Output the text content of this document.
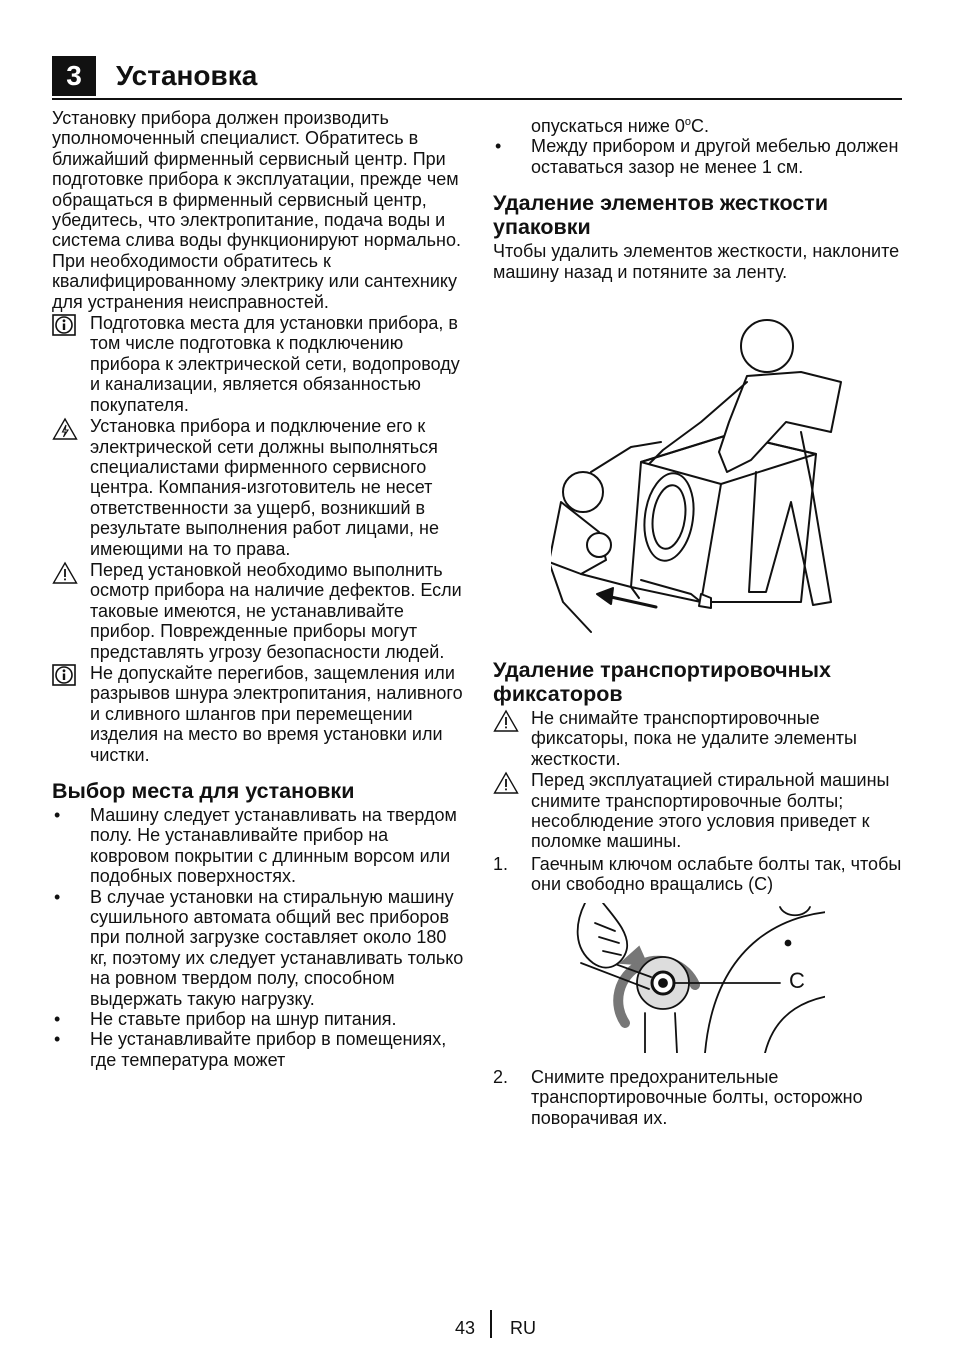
3	Установка

Установку прибора должен производить уполномоченный специалист. Обратитесь в ближайший фирменный сервисный центр. При подготовке прибора к эксплуатации, прежде чем обращаться в фирменный сервисный центр, убедитесь, что электропитание, подача воды и система слива воды функционируют нормально. При необходимости обратитесь к квалифицированному электрику или сантехнику для устранения неисправностей.

Подготовка места для установки прибора, в том числе подготовка к подключению прибора к электрической сети, водопроводу и канализации, является обязанностью покупателя.

Установка прибора и подключение его к электрической сети должны выполняться специалистами фирменного сервисного центра. Компания-изготовитель не несет ответственности за ущерб, возникший в результате выполнения работ лицами, не имеющими на то права.

Перед установкой необходимо выполнить осмотр прибора на наличие дефектов. Если таковые имеются, не устанавливайте прибор. Поврежденные приборы могут представлять угрозу безопасности людей.

Не допускайте перегибов, защемления или разрывов шнура электропитания, наливного и сливного шлангов при перемещении изделия на место во время установки или чистки.

Выбор места для установки
• Машину следует устанавливать на твердом полу. Не устанавливайте прибор на ковровом покрытии с длинным ворсом или подобных поверхностях.

• В случае установки на стиральную машину сушильного автомата общий вес приборов при полной загрузке составляет около 180 кг, поэтому их следует устанавливать только на ровном твердом полу, способном выдержать такую нагрузку.

• Не ставьте прибор на шнур питания.

• Не устанавливайте прибор в помещениях, где температура может

опускаться ниже $0^оС$.

• Между прибором и другой мебелью должен оставаться зазор не менее 1 см.

Удаление элементов жесткости упаковки

Чтобы удалить элементов жесткости, наклоните машину назад и потяните за ленту.

Удаление транспортировочных фиксаторов

Не снимайте транспортировочные фиксаторы, пока не удалите элементы жесткости.

Перед эксплуатацией стиральной машины снимите транспортировочные болты; несоблюдение этого условия приведет к поломке машины.

1. Гаечным ключом ослабьте болты так, чтобы они свободно вращались (C)

C
2. Снимите предохранительные транспортировочные болты, осторожно поворачивая их.

43 RU
